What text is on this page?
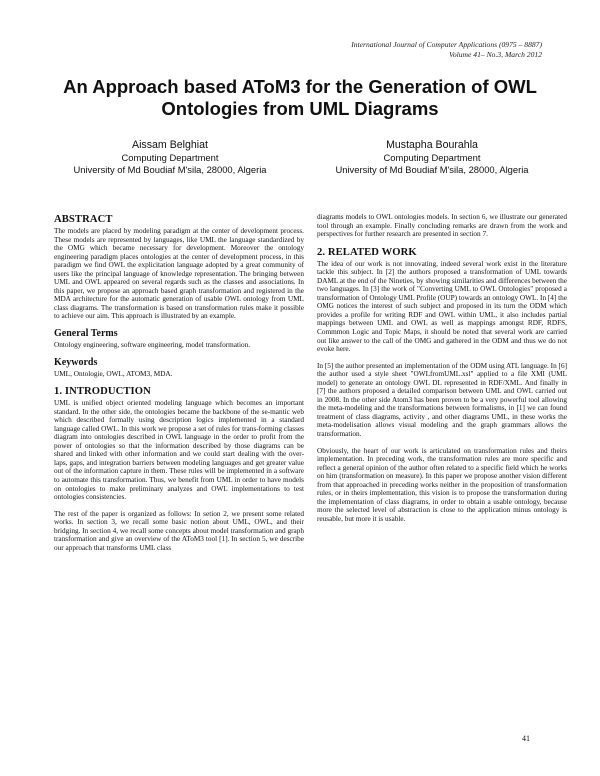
International Journal of Computer Applications (0975 – 8887)
Volume 41– No.3, March 2012
An Approach based AToM3 for the Generation of OWL
Ontologies from UML Diagrams
Aissam Belghiat
Computing Department
University of Md Boudiaf M'sila, 28000, Algeria
Mustapha Bourahla
Computing Department
University of Md Boudiaf M'sila, 28000, Algeria
ABSTRACT

The models are placed by modeling paradigm at the center of development process. These models are represented by languages, like UML the language standardized by the OMG which became necessary for development. Moreover the ontology engineering paradigm places ontologies at the center of development process, in this paradigm we find OWL the explicitation language adopted by a great community of users like the principal language of knowledge representation. The bringing between UML and OWL appeared on several regards such as the classes and associations. In this paper, we propose an approach based graph transformation and registered in the MDA architecture for the automatic generation of usable OWL ontology from UML class diagrams. The transformation is based on transformation rules make it possible to achieve our aim. This approach is illustrated by an example.

General Terms

Ontology engineering, software engineering, model transformation.

Keywords

UML, Ontologie, OWL, ATOM3, MDA.

1. INTRODUCTION

UML is unified object oriented modeling language which becomes an important standard. In the other side, the ontologies became the backbone of the se-mantic web which described formally using description logics implemented in a standard language called OWL. In this work we propose a set of rules for trans-forming classes diagram into ontologies described in OWL language in the order to profit from the power of ontologies so that the information described by those diagrams can be shared and linked with other information and we could start dealing with the over-laps, gaps, and integration barriers between modeling languages and get greater value out of the information capture in them. These rules will be implemented in a software to automate this transformation. Thus, we benefit from UML in order to have models on ontologies to make preliminary analyzes and OWL implementations to test ontologies consistencies.

The rest of the paper is organized as follows: In setion 2, we present some related works. In section 3, we recall some basic notion about UML, OWL, and their bridging. In section 4, we recall some concepts about model transformation and graph transformation and give an overview of the AToM3 tool [1]. In section 5, we describe our approach that transforms UML class

diagrams models to OWL ontologies models. In section 6, we illustrate our generated tool through an example. Finally concluding remarks are drawn from the work and perspectives for further research are presented in section 7.

2. RELATED WORK

The idea of our work is not innovating, indeed several work exist in the literature tackle this subject. In [2] the authors proposed a transformation of UML towards DAML at the end of the Nineties, by showing similarities and differences between the two languages. In [3] the work of "Converting UML to OWL Ontologies" proposed a transformation of Ontology UML Profile (OUP) towards an ontology OWL. In [4] the OMG notices the interest of such subject and proposed in its turn the ODM which provides a profile for writing RDF and OWL within UML, it also includes partial mappings between UML and OWL as well as mappings amongst RDF, RDFS, Commmon Logic and Topic Maps, it should be noted that several work are carried out like answer to the call of the OMG and gathered in the ODM and thus we do not evoke here.

In [5] the author presented an implementation of the ODM using ATL language. In [6] the author used a style sheet "OWLfromUML.xsl" applied to a file XMI (UML model) to generate an ontology OWL DL represented in RDF/XML. And finally in [7] the authors proposed a detailed comparison between UML and OWL carried out in 2008. In the other side Atom3 has been proven to be a very powerful tool allowing the meta-modeling and the transformations between formalisms, in [1] we can found treatment of class diagrams, activity , and other diagrams UML, in these works the meta-modelisation allows visual modeling and the graph grammars allows the transformation.

Obviously, the heart of our work is articulated on transformation rules and theirs implementation. In preceding work, the transformation rules are more specific and reflect a general opinion of the author often related to a specific field which he works on him (transformation on measure). In this paper we propose another vision different from that approached in preceding works neither in the proposition of transformation rules, or in theirs implementation, this vision is to propose the transformation during the implementation of class diagrams, in order to obtain a usable ontology, because more the selected level of abstraction is close to the application minus ontology is reusable, but more it is usable.

41
